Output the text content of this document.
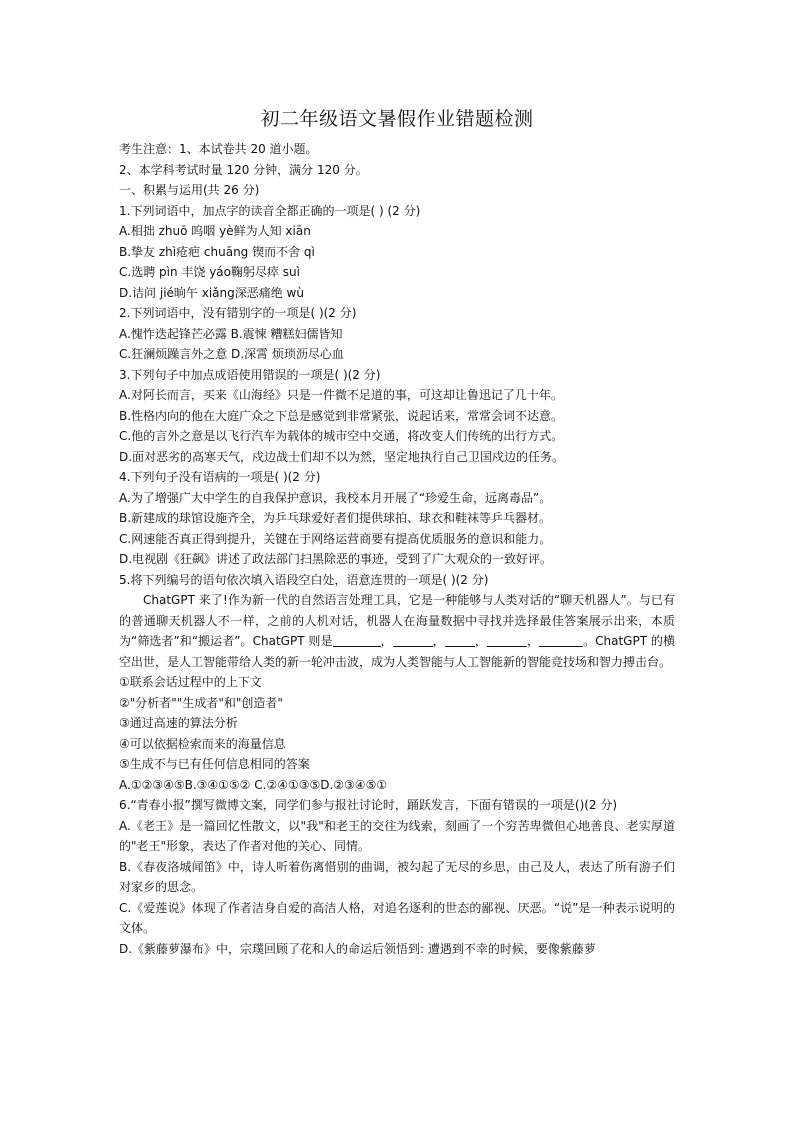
初二年级语文暑假作业错题检测

考生注意：1、本试卷共 20 道小题。

2、本学科考试时量 120 分钟，满分 120 分。

一、积累与运用(共 26 分)

1.下列词语中，加点字的读音全都正确的一项是( ) (2 分)

A.相拙 zhuō 呜咽 yè鲜为人知 xiān

B.挚友 zhì疮疤 chuāng 锲而不舍 qì

C.选聘 pìn 丰饶 yáo鞠躬尽瘁 suì

D.诘问 jié晌午 xiǎng深恶痛绝 wù

2.下列词语中，没有错别字的一项是( )(2 分)

A.愧怍迭起锋芒必露 B.震悚 糟糕妇儒皆知

C.狂澜烦躁言外之意 D.深霄 烦琐沥尽心血

3.下列句子中加点成语使用错误的一项是( )(2 分)

A.对阿长而言，买来《山海经》只是一件微不足道的事，可这却让鲁迅记了几十年。

B.性格内向的他在大庭广众之下总是感觉到非常紧张，说起话来，常常会词不达意。

C.他的言外之意是以飞行汽车为载体的城市空中交通，将改变人们传统的出行方式。

D.面对恶劣的高寒天气，戍边战士们却不以为然，坚定地执行自己卫国戍边的任务。

4.下列句子没有语病的一项是( )(2 分)

A.为了增强广大中学生的自我保护意识，我校本月开展了“珍爱生命，远离毒品”。

B.新建成的球馆设施齐全，为乒乓球爱好者们提供球拍、球衣和鞋袜等乒乓器材。

C.网速能否真正得到提升，关键在于网络运营商要有提高优质服务的意识和能力。

D.电视剧《狂飙》讲述了政法部门扫黑除恶的事迹，受到了广大观众的一致好评。

5.将下列编号的语句依次填入语段空白处，语意连贯的一项是( )(2 分)

ChatGPT 来了!作为新一代的自然语言处理工具，它是一种能够与人类对话的“聊天机器人”。与已有的普通聊天机器人不一样，之前的人机对话，机器人在海量数据中寻找并选择最佳答案展示出来，本质为“筛选者”和“搬运者”。ChatGPT 则是	，	，	，	，	。ChatGPT 的横空出世，是人工智能带给人类的新一轮冲击波，成为人类智能与人工智能新的智能竞技场和智力搏击台。

①联系会话过程中的上下文

②"分析者""生成者"和"创造者"

③通过高速的算法分析

④可以依据检索而来的海量信息

⑤生成不与已有任何信息相同的答案

A.①②③④⑤B.③④①⑤② C.②④①③⑤D.②③④⑤①

6.“青春小报”撰写微博文案，同学们参与报社讨论时，踊跃发言，下面有错误的一项是()(2 分)

A.《老王》是一篇回忆性散文，以"我"和老王的交往为线索，刻画了一个穷苦卑微但心地善良、老实厚道的"老王"形象，表达了作者对他的关心、同情。

B.《春夜洛城闻笛》中，诗人听着伤离惜别的曲调，被勾起了无尽的乡思，由己及人，表达了所有游子们对家乡的思念。

C.《爱莲说》体现了作者洁身自爱的高洁人格，对追名逐利的世态的鄙视、厌恶。“说”是一种表示说明的文体。

D.《紫藤萝瀑布》中，宗璞回顾了花和人的命运后领悟到: 遭遇到不幸的时候，要像紫藤萝
